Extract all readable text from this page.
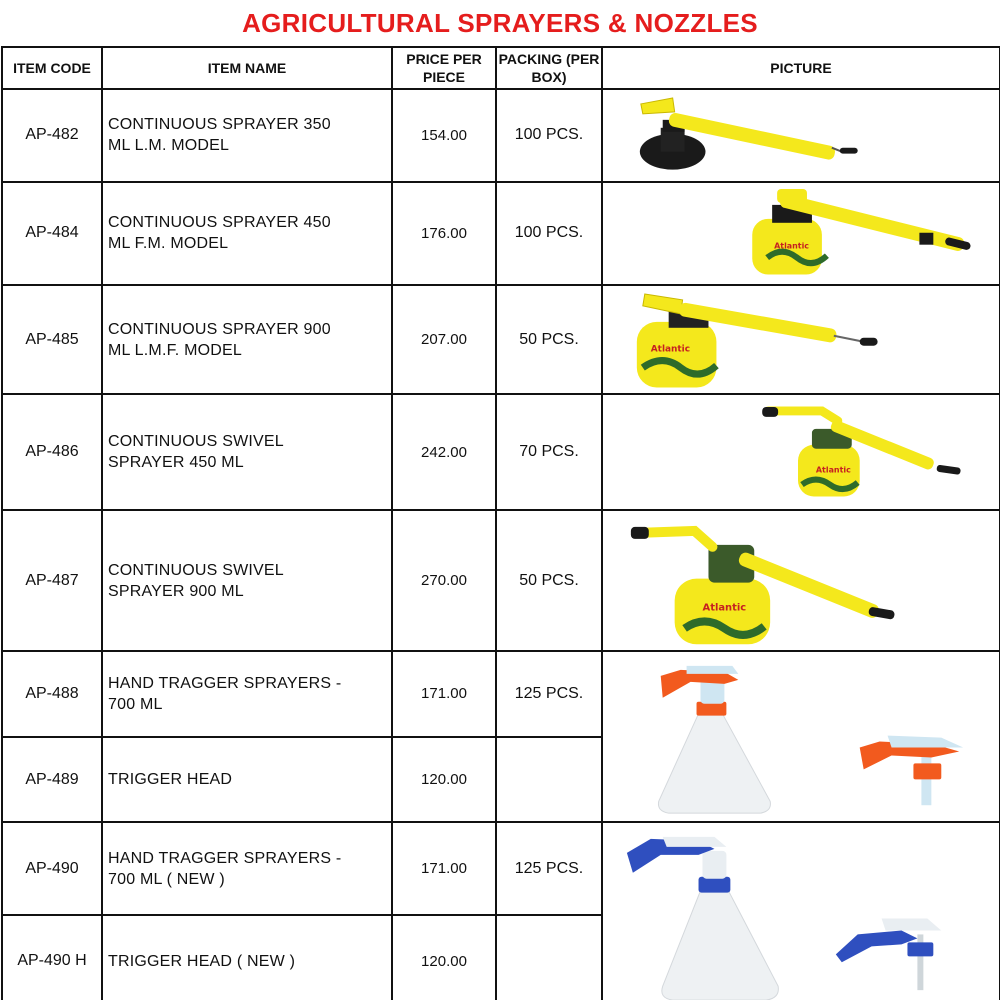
AGRICULTURAL SPRAYERS & NOZZLES
ITEM CODE	ITEM NAME	PRICE PER PIECE	PACKING (PER BOX)	PICTURE
AP-482	CONTINUOUS SPRAYER 350
ML L.M. MODEL	154.00	100 PCS.	

AP-484	CONTINUOUS SPRAYER 450
ML F.M. MODEL	176.00	100 PCS.	Atlantic

AP-485	CONTINUOUS SPRAYER 900
ML L.M.F. MODEL	207.00	50 PCS.	Atlantic

AP-486	CONTINUOUS SWIVEL
SPRAYER 450 ML	242.00	70 PCS.	Atlantic

AP-487	CONTINUOUS SWIVEL
SPRAYER 900 ML	270.00	50 PCS.	Atlantic

AP-488	HAND TRAGGER SPRAYERS -
700 ML	171.00	125 PCS.	

AP-489	TRIGGER HEAD	120.00		
AP-490	HAND TRAGGER SPRAYERS -
700 ML ( NEW )	171.00	125 PCS.	

AP-490 H	TRIGGER HEAD ( NEW )	120.00		
